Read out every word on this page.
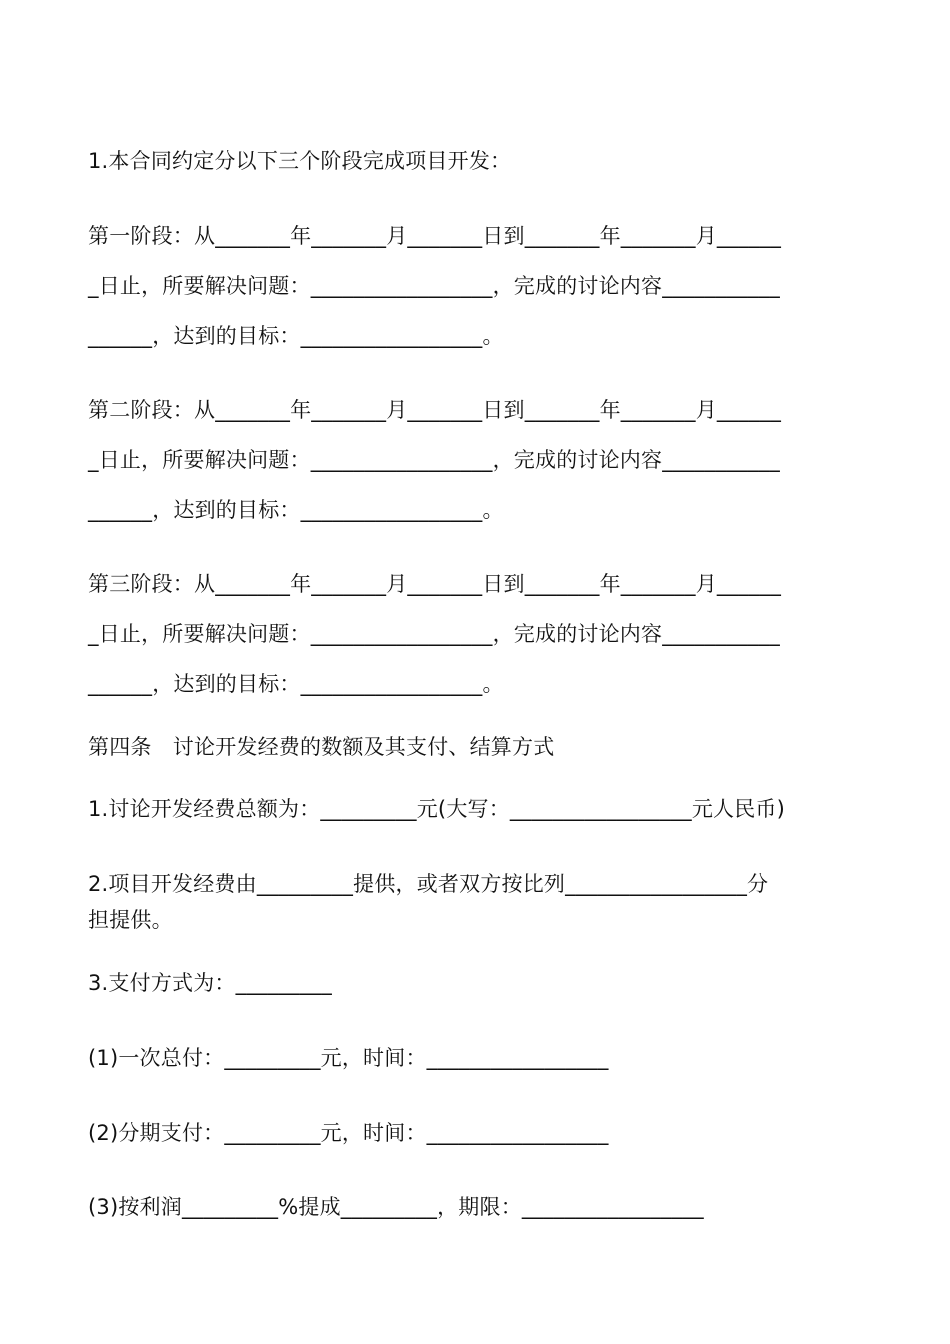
1.本合同约定分以下三个阶段完成项目开发：
第一阶段：从_______年_______月_______日到_______年_______月______
_日止，所要解决问题：_________________，完成的讨论内容___________
______，达到的目标：_________________。
第二阶段：从_______年_______月_______日到_______年_______月______
_日止，所要解决问题：_________________，完成的讨论内容___________
______，达到的目标：_________________。
第三阶段：从_______年_______月_______日到_______年_______月______
_日止，所要解决问题：_________________，完成的讨论内容___________
______，达到的目标：_________________。
第四条　讨论开发经费的数额及其支付、结算方式
1.讨论开发经费总额为：_________元(大写：_________________元人民币)
2.项目开发经费由_________提供，或者双方按比列_________________分
担提供。
3.支付方式为：_________
(1)一次总付：_________元，时间：_________________
(2)分期支付：_________元，时间：_________________
(3)按利润_________%提成_________，期限：_________________
